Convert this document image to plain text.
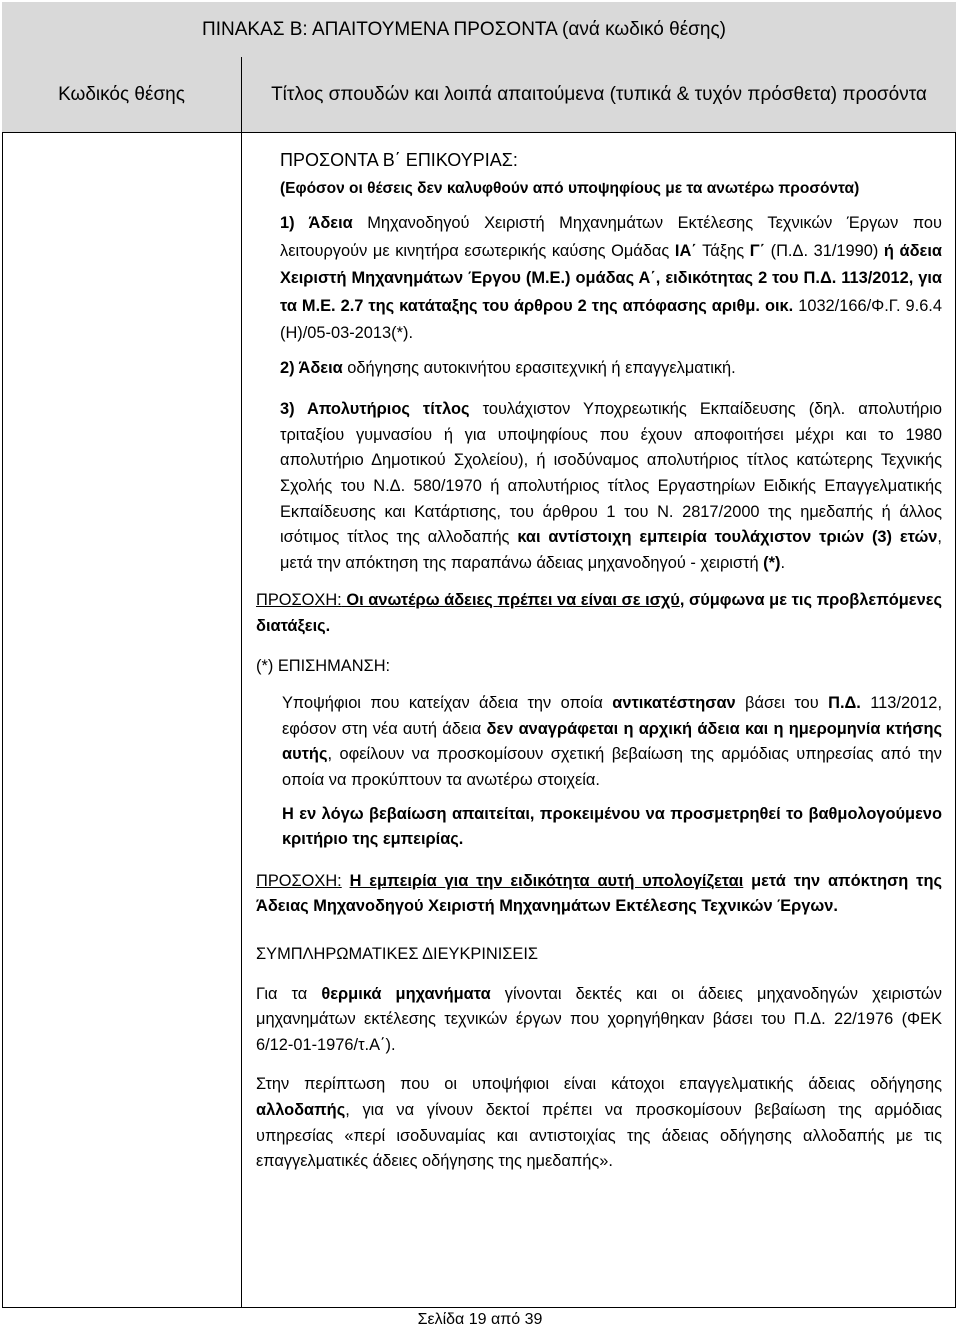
ΠΙΝΑΚΑΣ Β: ΑΠΑΙΤΟΥΜΕΝΑ ΠΡΟΣΟΝΤΑ (ανά κωδικό θέσης)
Κωδικός θέσης	Τίτλος σπουδών και λοιπά απαιτούμενα (τυπικά & τυχόν πρόσθετα) προσόντα

ΠΡΟΣΟΝΤΑ Β΄ ΕΠΙΚΟΥΡΙΑΣ:

(Εφόσον οι θέσεις δεν καλυφθούν από υποψηφίους με τα ανωτέρω προσόντα)

1) Άδεια Μηχανοδηγού Χειριστή Μηχανημάτων Εκτέλεσης Τεχνικών Έργων που λειτουργούν με κινητήρα εσωτερικής καύσης Ομάδας ΙΑ΄ Τάξης Γ΄ (Π.Δ. 31/1990) ή άδεια Χειριστή Μηχανημάτων Έργου (Μ.Ε.) ομάδας Α΄, ειδικότητας 2 του Π.Δ. 113/2012, για τα Μ.Ε. 2.7 της κατάταξης του άρθρου 2 της απόφασης αριθμ. οικ. 1032/166/Φ.Γ. 9.6.4 (Η)/05-03-2013(*).

2) Άδεια οδήγησης αυτοκινήτου ερασιτεχνική ή επαγγελματική.

3) Απολυτήριος τίτλος τουλάχιστον Υποχρεωτικής Εκπαίδευσης (δηλ. απολυτήριο τριταξίου γυμνασίου ή για υποψηφίους που έχουν αποφοιτήσει μέχρι και το 1980 απολυτήριο Δημοτικού Σχολείου), ή ισοδύναμος απολυτήριος τίτλος κατώτερης Τεχνικής Σχολής του Ν.Δ. 580/1970 ή απολυτήριος τίτλος Εργαστηρίων Ειδικής Επαγγελματικής Εκπαίδευσης και Κατάρτισης, του άρθρου 1 του Ν. 2817/2000 της ημεδαπής ή άλλος ισότιμος τίτλος της αλλοδαπής και αντίστοιχη εμπειρία τουλάχιστον τριών (3) ετών, μετά την απόκτηση της παραπάνω άδειας μηχανοδηγού - χειριστή (*).

ΠΡΟΣΟΧΗ: Οι ανωτέρω άδειες πρέπει να είναι σε ισχύ, σύμφωνα με τις προβλεπόμενες διατάξεις.

(*) ΕΠΙΣΗΜΑΝΣΗ:

Υποψήφιοι που κατείχαν άδεια την οποία αντικατέστησαν βάσει του Π.Δ. 113/2012, εφόσον στη νέα αυτή άδεια δεν αναγράφεται η αρχική άδεια και η ημερομηνία κτήσης αυτής, οφείλουν να προσκομίσουν σχετική βεβαίωση της αρμόδιας υπηρεσίας από την οποία να προκύπτουν τα ανωτέρω στοιχεία.

Η εν λόγω βεβαίωση απαιτείται, προκειμένου να προσμετρηθεί το βαθμολογούμενο κριτήριο της εμπειρίας.

ΠΡΟΣΟΧΗ: Η εμπειρία για την ειδικότητα αυτή υπολογίζεται μετά την απόκτηση της Άδειας Μηχανοδηγού Χειριστή Μηχανημάτων Εκτέλεσης Τεχνικών Έργων.

ΣΥΜΠΛΗΡΩΜΑΤΙΚΕΣ ΔΙΕΥΚΡΙΝΙΣΕΙΣ

Για τα θερμικά μηχανήματα γίνονται δεκτές και οι άδειες μηχανοδηγών χειριστών μηχανημάτων εκτέλεσης τεχνικών έργων που χορηγήθηκαν βάσει του Π.Δ. 22/1976 (ΦΕΚ 6/12-01-1976/τ.Α΄).

Στην περίπτωση που οι υποψήφιοι είναι κάτοχοι επαγγελματικής άδειας οδήγησης αλλοδαπής, για να γίνουν δεκτοί πρέπει να προσκομίσουν βεβαίωση της αρμόδιας υπηρεσίας «περί ισοδυναμίας και αντιστοιχίας της άδειας οδήγησης αλλοδαπής με τις επαγγελματικές άδειες οδήγησης της ημεδαπής».

Σελίδα 19 από 39
